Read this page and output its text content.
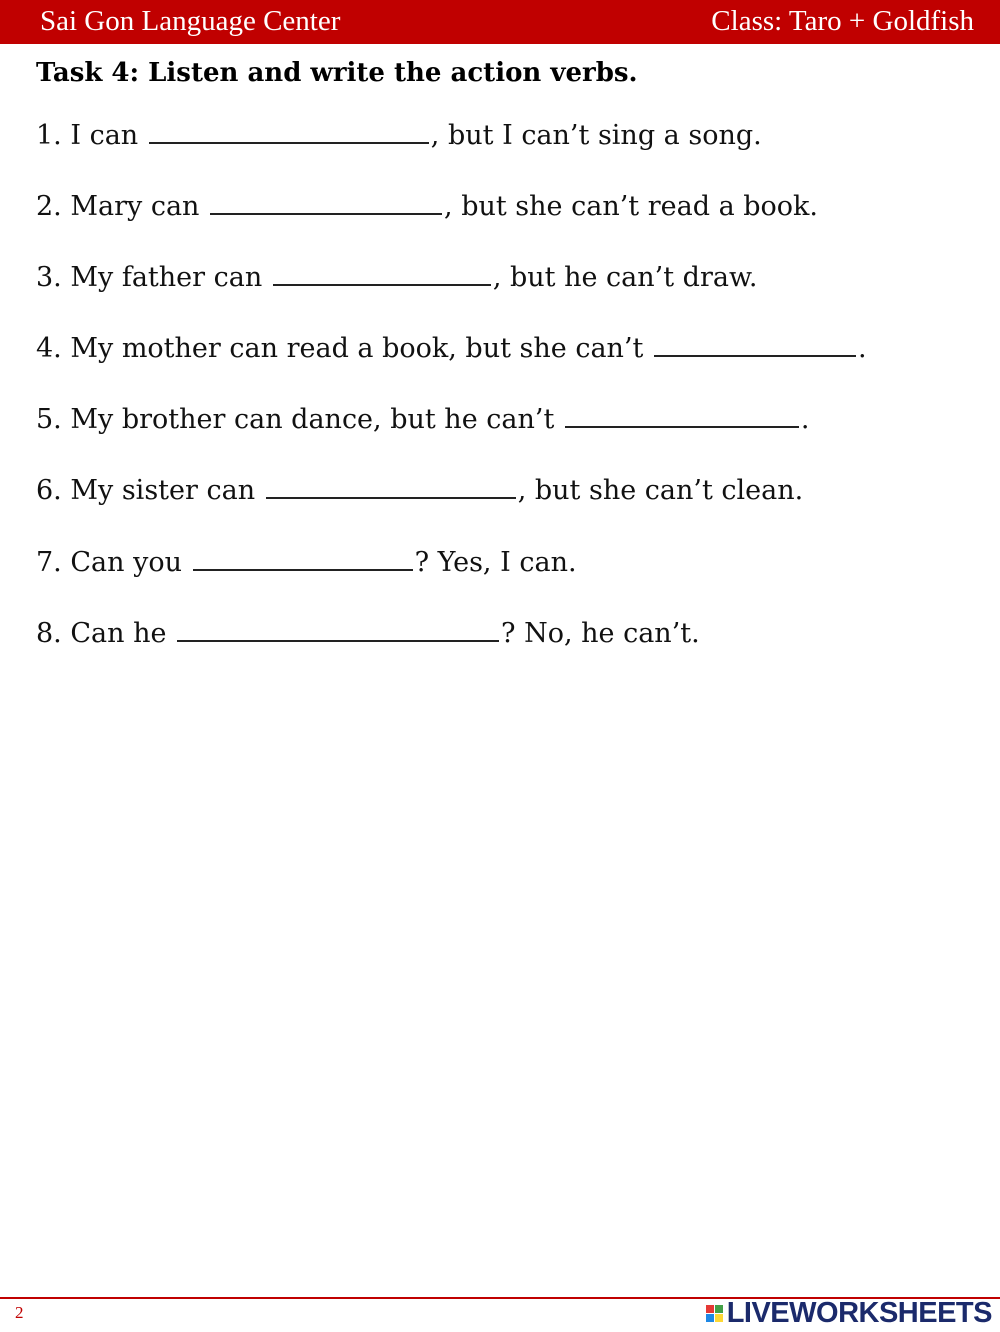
Sai Gon Language Center	Class: Taro + Goldfish
Task 4: Listen and write the action verbs.
1. I can	, but I can’t sing a song.
2. Mary can	, but she can’t read a book.
3. My father can	, but he can’t draw.
4. My mother can read a book, but she can’t	.
5. My brother can dance, but he can’t	.
6. My sister can	, but she can’t clean.
7. Can you	? Yes, I can.
8. Can he	? No, he can’t.
2	LIVEWORKSHEETS
